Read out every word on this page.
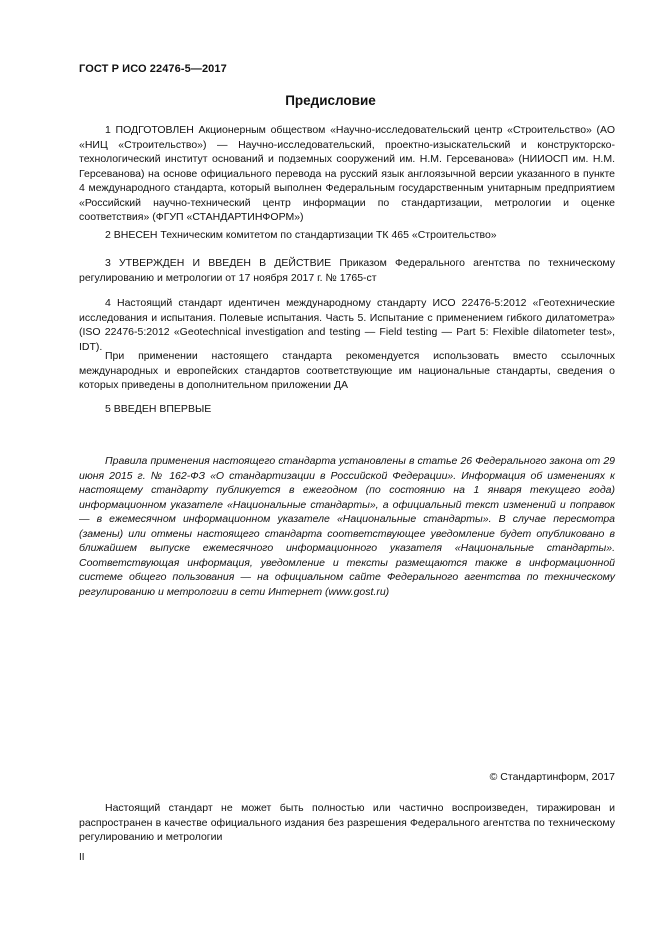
ГОСТ Р ИСО 22476-5—2017
Предисловие
1 ПОДГОТОВЛЕН Акционерным обществом «Научно-исследовательский центр «Строительство» (АО «НИЦ «Строительство») — Научно-исследовательский, проектно-изыскательский и конструкторско-технологический институт оснований и подземных сооружений им. Н.М. Герсеванова» (НИИОСП им. Н.М. Герсеванова) на основе официального перевода на русский язык англоязычной версии указанного в пункте 4 международного стандарта, который выполнен Федеральным государственным унитарным предприятием «Российский научно-технический центр информации по стандартизации, метрологии и оценке соответствия» (ФГУП «СТАНДАРТИНФОРМ»)
2 ВНЕСЕН Техническим комитетом по стандартизации ТК 465 «Строительство»
3 УТВЕРЖДЕН И ВВЕДЕН В ДЕЙСТВИЕ Приказом Федерального агентства по техническому регулированию и метрологии от 17 ноября 2017 г. № 1765-ст
4 Настоящий стандарт идентичен международному стандарту ИСО 22476-5:2012 «Геотехнические исследования и испытания. Полевые испытания. Часть 5. Испытание с применением гибкого дилатометра» (ISO 22476-5:2012 «Geotechnical investigation and testing — Field testing — Part 5: Flexible dilatometer test», IDT).
При применении настоящего стандарта рекомендуется использовать вместо ссылочных международных и европейских стандартов соответствующие им национальные стандарты, сведения о которых приведены в дополнительном приложении ДА
5 ВВЕДЕН ВПЕРВЫЕ
Правила применения настоящего стандарта установлены в статье 26 Федерального закона от 29 июня 2015 г. № 162-ФЗ «О стандартизации в Российской Федерации». Информация об изменениях к настоящему стандарту публикуется в ежегодном (по состоянию на 1 января текущего года) информационном указателе «Национальные стандарты», а официальный текст изменений и поправок — в ежемесячном информационном указателе «Национальные стандарты». В случае пересмотра (замены) или отмены настоящего стандарта соответствующее уведомление будет опубликовано в ближайшем выпуске ежемесячного информационного указателя «Национальные стандарты». Соответствующая информация, уведомление и тексты размещаются также в информационной системе общего пользования — на официальном сайте Федерального агентства по техническому регулированию и метрологии в сети Интернет (www.gost.ru)
© Стандартинформ, 2017
Настоящий стандарт не может быть полностью или частично воспроизведен, тиражирован и распространен в качестве официального издания без разрешения Федерального агентства по техническому регулированию и метрологии
II
